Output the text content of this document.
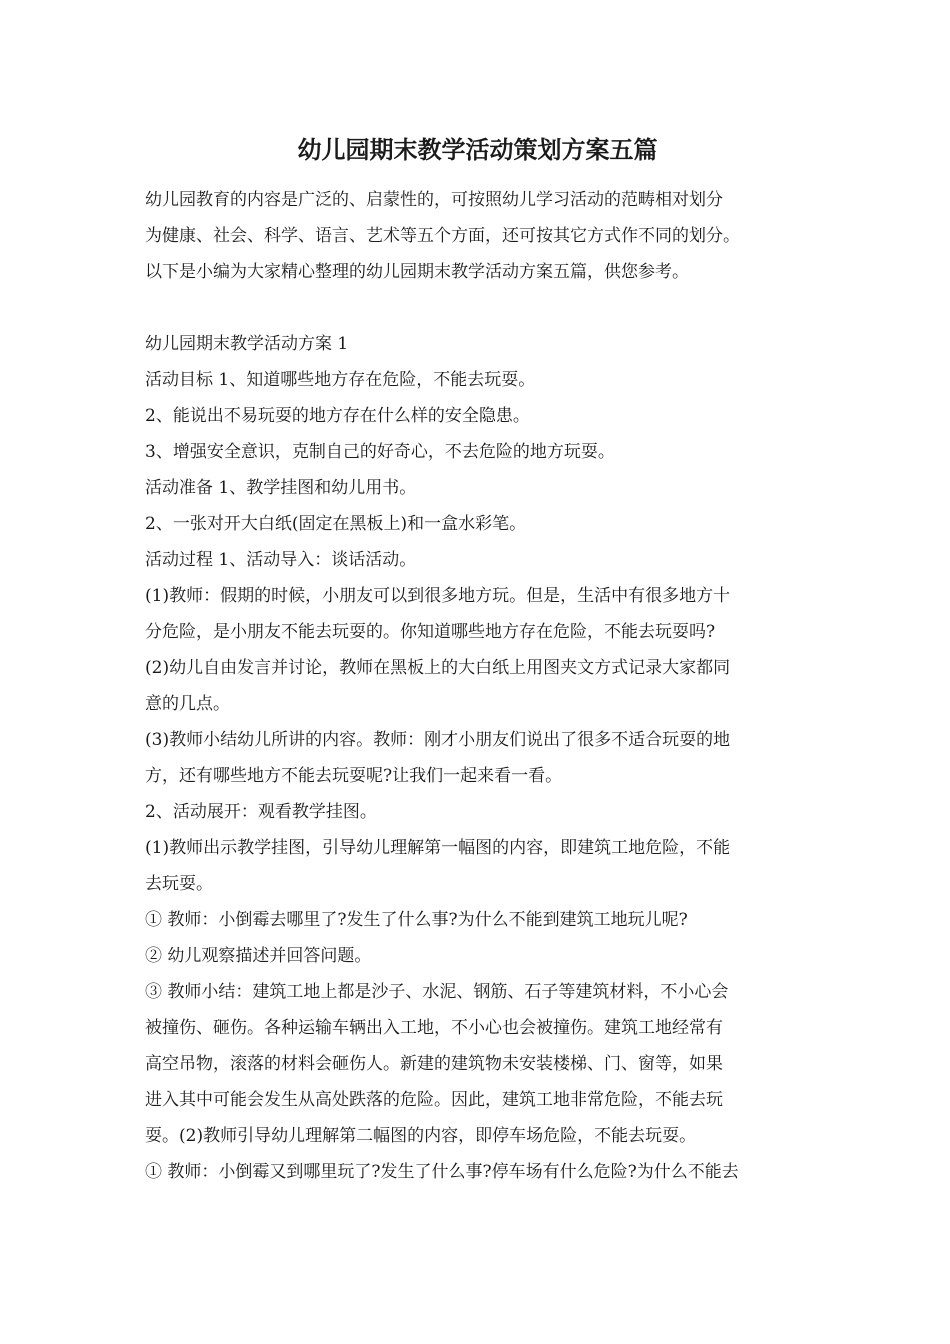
幼儿园期末教学活动策划方案五篇

幼儿园教育的内容是广泛的、启蒙性的，可按照幼儿学习活动的范畴相对划分

为健康、社会、科学、语言、艺术等五个方面，还可按其它方式作不同的划分。

以下是小编为大家精心整理的幼儿园期末教学活动方案五篇，供您参考。

幼儿园期末教学活动方案 1

活动目标 1、知道哪些地方存在危险，不能去玩耍。

2、能说出不易玩耍的地方存在什么样的安全隐患。

3、增强安全意识，克制自己的好奇心，不去危险的地方玩耍。

活动准备 1、教学挂图和幼儿用书。

2、一张对开大白纸(固定在黑板上)和一盒水彩笔。

活动过程 1、活动导入：谈话活动。

(1)教师：假期的时候，小朋友可以到很多地方玩。但是，生活中有很多地方十

分危险，是小朋友不能去玩耍的。你知道哪些地方存在危险，不能去玩耍吗?

(2)幼儿自由发言并讨论，教师在黑板上的大白纸上用图夹文方式记录大家都同

意的几点。

(3)教师小结幼儿所讲的内容。教师：刚才小朋友们说出了很多不适合玩耍的地

方，还有哪些地方不能去玩耍呢?让我们一起来看一看。

2、活动展开：观看教学挂图。

(1)教师出示教学挂图，引导幼儿理解第一幅图的内容，即建筑工地危险，不能

去玩耍。

① 教师：小倒霉去哪里了?发生了什么事?为什么不能到建筑工地玩儿呢?

② 幼儿观察描述并回答问题。

③ 教师小结：建筑工地上都是沙子、水泥、钢筋、石子等建筑材料，不小心会

被撞伤、砸伤。各种运输车辆出入工地，不小心也会被撞伤。建筑工地经常有

高空吊物，滚落的材料会砸伤人。新建的建筑物未安装楼梯、门、窗等，如果

进入其中可能会发生从高处跌落的危险。因此，建筑工地非常危险，不能去玩

耍。(2)教师引导幼儿理解第二幅图的内容，即停车场危险，不能去玩耍。

① 教师：小倒霉又到哪里玩了?发生了什么事?停车场有什么危险?为什么不能去
